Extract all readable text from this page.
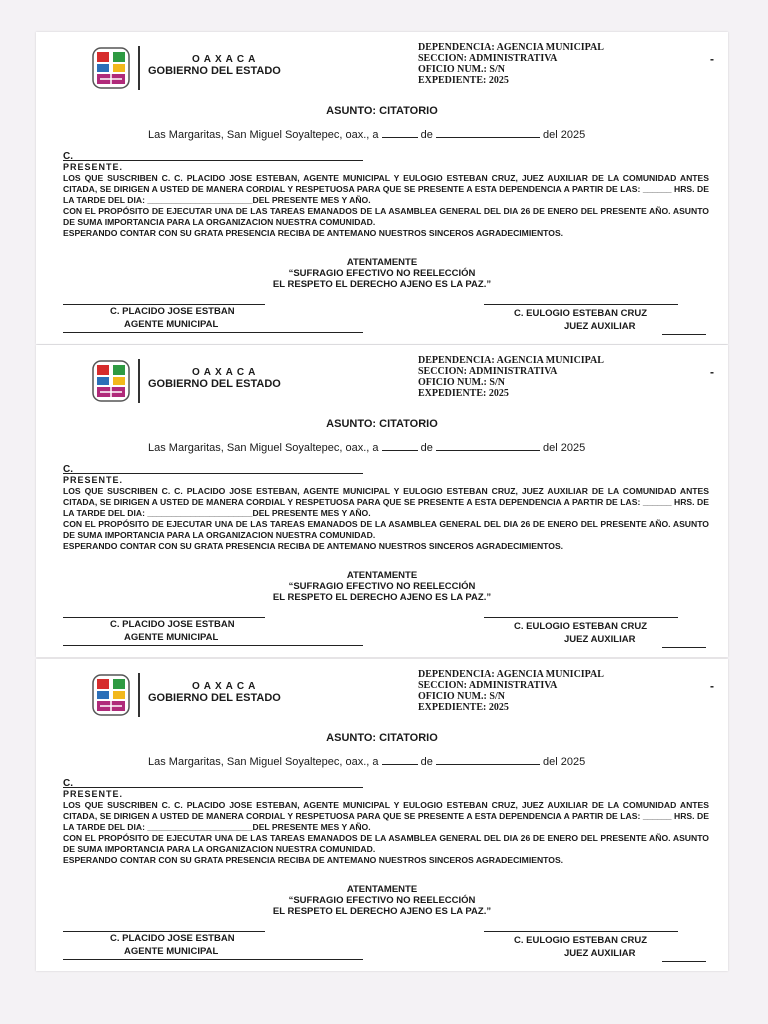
OAXACA
GOBIERNO DEL ESTADO
DEPENDENCIA: AGENCIA MUNICIPAL
SECCION: ADMINISTRATIVA
OFICIO NUM.: S/N
EXPEDIENTE: 2025
-
ASUNTO: CITATORIO
Las Margaritas, San Miguel Soyaltepec, oax., a	de	del 2025
C.
PRESENTE.

LOS QUE SUSCRIBEN C. C. PLACIDO JOSE ESTEBAN, AGENTE MUNICIPAL Y EULOGIO ESTEBAN CRUZ, JUEZ AUXILIAR DE LA COMUNIDAD ANTES CITADA, SE DIRIGEN A USTED DE MANERA CORDIAL Y RESPETUOSA PARA QUE SE PRESENTE A ESTA DEPENDENCIA A PARTIR DE LAS: ______ HRS. DE LA TARDE DEL DIA: ______________________DEL PRESENTE MES Y AÑO.

CON EL PROPÓSITO DE EJECUTAR UNA DE LAS TAREAS EMANADOS DE LA ASAMBLEA GENERAL DEL DIA 26 DE ENERO DEL PRESENTE AÑO. ASUNTO DE SUMA IMPORTANCIA PARA LA ORGANIZACION NUESTRA COMUNIDAD.

ESPERANDO CONTAR CON SU GRATA PRESENCIA RECIBA DE ANTEMANO NUESTROS SINCEROS AGRADECIMIENTOS.

ATENTAMENTE
“SUFRAGIO EFECTIVO NO REELECCIÓN
EL RESPETO EL DERECHO AJENO ES LA PAZ.”
C. PLACIDO JOSE ESTBAN	C. EULOGIO ESTEBAN CRUZ
AGENTE MUNICIPAL	JUEZ AUXILIAR
OAXACA
GOBIERNO DEL ESTADO
DEPENDENCIA: AGENCIA MUNICIPAL
SECCION: ADMINISTRATIVA
OFICIO NUM.: S/N
EXPEDIENTE: 2025
-
ASUNTO: CITATORIO
Las Margaritas, San Miguel Soyaltepec, oax., a	de	del 2025
C.
PRESENTE.

LOS QUE SUSCRIBEN C. C. PLACIDO JOSE ESTEBAN, AGENTE MUNICIPAL Y EULOGIO ESTEBAN CRUZ, JUEZ AUXILIAR DE LA COMUNIDAD ANTES CITADA, SE DIRIGEN A USTED DE MANERA CORDIAL Y RESPETUOSA PARA QUE SE PRESENTE A ESTA DEPENDENCIA A PARTIR DE LAS: ______ HRS. DE LA TARDE DEL DIA: ______________________DEL PRESENTE MES Y AÑO.

CON EL PROPÓSITO DE EJECUTAR UNA DE LAS TAREAS EMANADOS DE LA ASAMBLEA GENERAL DEL DIA 26 DE ENERO DEL PRESENTE AÑO. ASUNTO DE SUMA IMPORTANCIA PARA LA ORGANIZACION NUESTRA COMUNIDAD.

ESPERANDO CONTAR CON SU GRATA PRESENCIA RECIBA DE ANTEMANO NUESTROS SINCEROS AGRADECIMIENTOS.

ATENTAMENTE
“SUFRAGIO EFECTIVO NO REELECCIÓN
EL RESPETO EL DERECHO AJENO ES LA PAZ.”
C. PLACIDO JOSE ESTBAN	C. EULOGIO ESTEBAN CRUZ
AGENTE MUNICIPAL	JUEZ AUXILIAR
OAXACA
GOBIERNO DEL ESTADO
DEPENDENCIA: AGENCIA MUNICIPAL
SECCION: ADMINISTRATIVA
OFICIO NUM.: S/N
EXPEDIENTE: 2025
-
ASUNTO: CITATORIO
Las Margaritas, San Miguel Soyaltepec, oax., a	de	del 2025
C.
PRESENTE.

LOS QUE SUSCRIBEN C. C. PLACIDO JOSE ESTEBAN, AGENTE MUNICIPAL Y EULOGIO ESTEBAN CRUZ, JUEZ AUXILIAR DE LA COMUNIDAD ANTES CITADA, SE DIRIGEN A USTED DE MANERA CORDIAL Y RESPETUOSA PARA QUE SE PRESENTE A ESTA DEPENDENCIA A PARTIR DE LAS: ______ HRS. DE LA TARDE DEL DIA: ______________________DEL PRESENTE MES Y AÑO.

CON EL PROPÓSITO DE EJECUTAR UNA DE LAS TAREAS EMANADOS DE LA ASAMBLEA GENERAL DEL DIA 26 DE ENERO DEL PRESENTE AÑO. ASUNTO DE SUMA IMPORTANCIA PARA LA ORGANIZACION NUESTRA COMUNIDAD.

ESPERANDO CONTAR CON SU GRATA PRESENCIA RECIBA DE ANTEMANO NUESTROS SINCEROS AGRADECIMIENTOS.

ATENTAMENTE
“SUFRAGIO EFECTIVO NO REELECCIÓN
EL RESPETO EL DERECHO AJENO ES LA PAZ.”
C. PLACIDO JOSE ESTBAN	C. EULOGIO ESTEBAN CRUZ
AGENTE MUNICIPAL	JUEZ AUXILIAR
